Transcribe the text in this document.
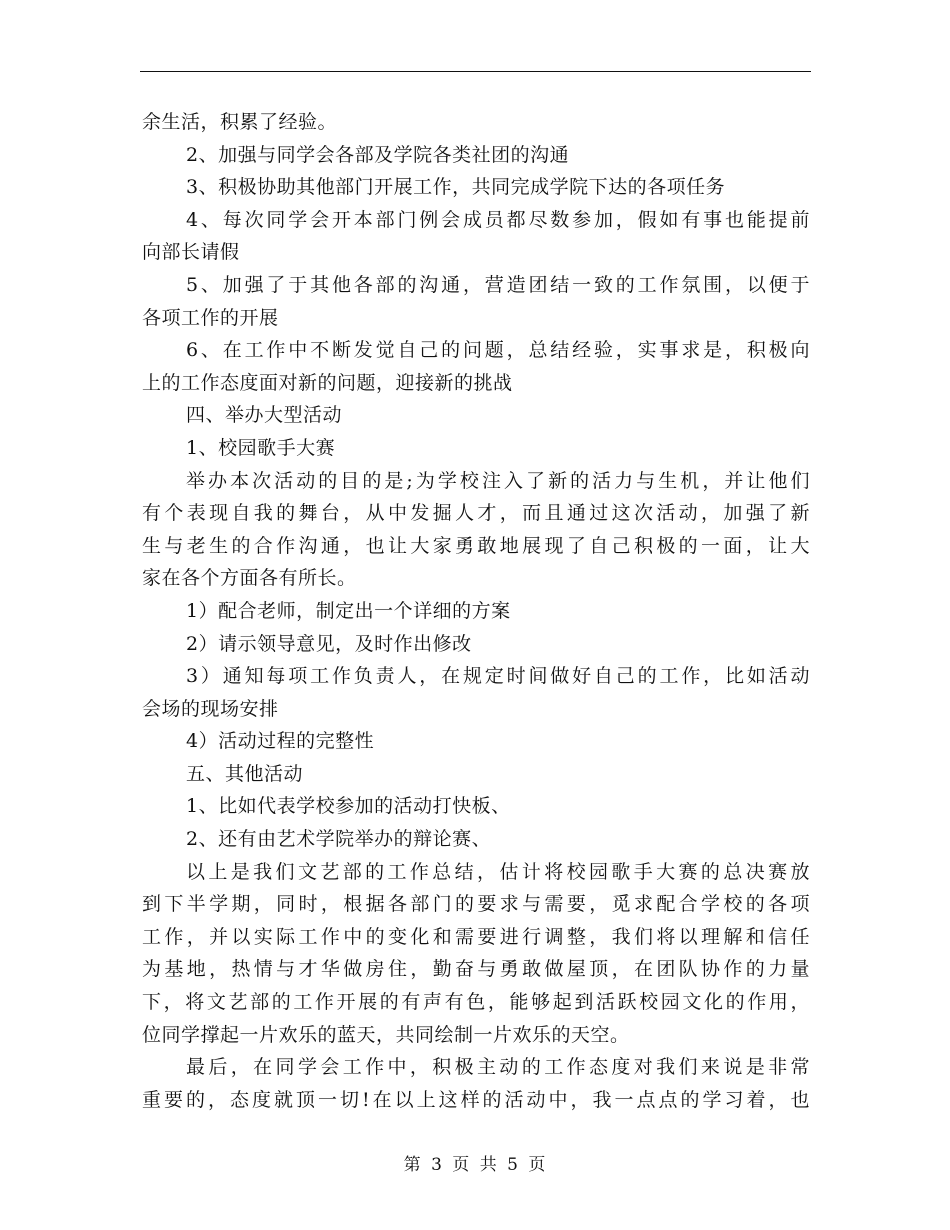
余生活，积累了经验。
2、加强与同学会各部及学院各类社团的沟通
3、积极协助其他部门开展工作，共同完成学院下达的各项任务
4、每次同学会开本部门例会成员都尽数参加，假如有事也能提前
向部长请假
5、加强了于其他各部的沟通，营造团结一致的工作氛围，以便于
各项工作的开展
6、在工作中不断发觉自己的问题，总结经验，实事求是，积极向
上的工作态度面对新的问题，迎接新的挑战
四、举办大型活动
1、校园歌手大赛
举办本次活动的目的是;为学校注入了新的活力与生机，并让他们
有个表现自我的舞台，从中发掘人才，而且通过这次活动，加强了新
生与老生的合作沟通，也让大家勇敢地展现了自己积极的一面，让大
家在各个方面各有所长。
1）配合老师，制定出一个详细的方案
2）请示领导意见，及时作出修改
3）通知每项工作负责人，在规定时间做好自己的工作，比如活动
会场的现场安排
4）活动过程的完整性
五、其他活动
1、比如代表学校参加的活动打快板、
2、还有由艺术学院举办的辩论赛、
以上是我们文艺部的工作总结，估计将校园歌手大赛的总决赛放
到下半学期，同时，根据各部门的要求与需要，觅求配合学校的各项
工作，并以实际工作中的变化和需要进行调整，我们将以理解和信任
为基地，热情与才华做房住，勤奋与勇敢做屋顶，在团队协作的力量
下，将文艺部的工作开展的有声有色，能够起到活跃校园文化的作用，
位同学撑起一片欢乐的蓝天，共同绘制一片欢乐的天空。
最后，在同学会工作中，积极主动的工作态度对我们来说是非常
重要的，态度就顶一切!在以上这样的活动中，我一点点的学习着，也
第 3 页 共 5 页
